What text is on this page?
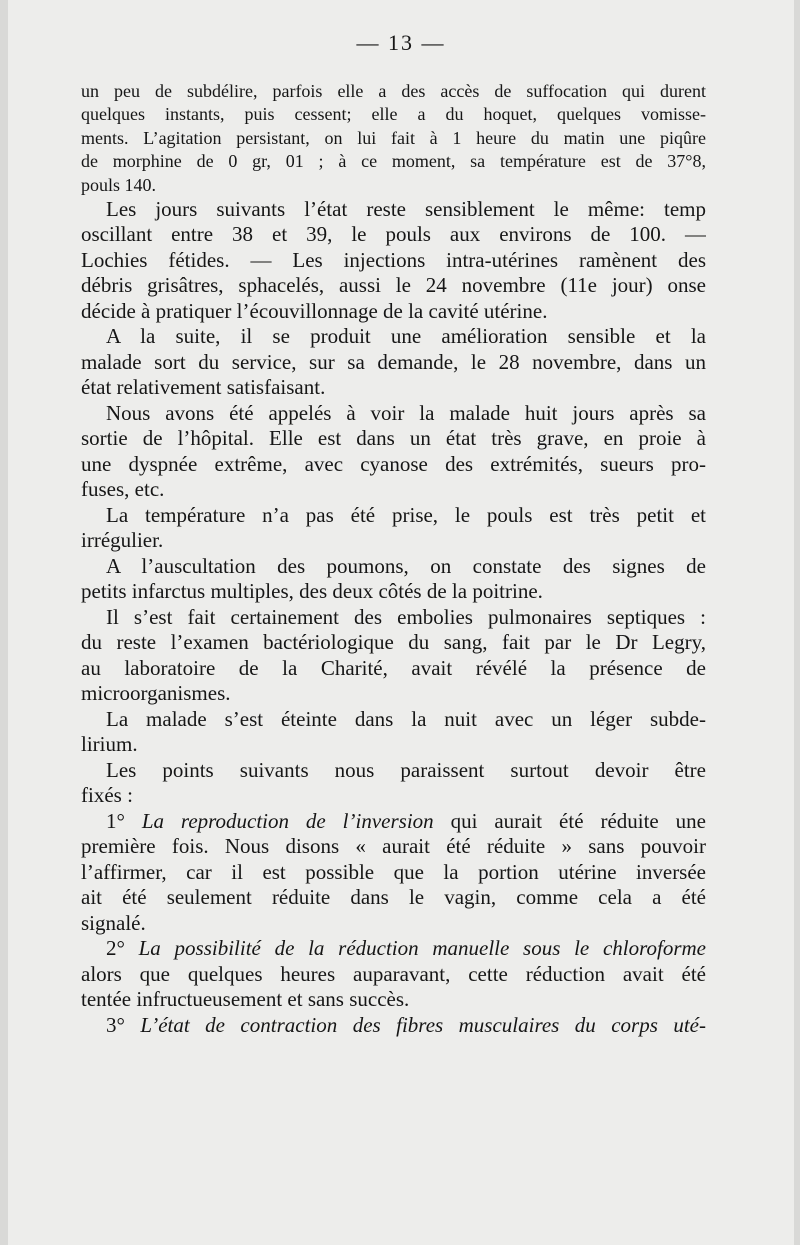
— 13 —
un peu de subdélire, parfois elle a des accès de suffocation qui durent
quelques instants, puis cessent; elle a du hoquet, quelques vomisse-
ments. L’agitation persistant, on lui fait à 1 heure du matin une piqûre
de morphine de 0 gr, 01 ; à ce moment, sa température est de 37°8,
pouls 140.
Les jours suivants l’état reste sensiblement le même: temp
oscillant entre 38 et 39, le pouls aux environs de 100. —
Lochies fétides. — Les injections intra-utérines ramènent des
débris grisâtres, sphacelés, aussi le 24 novembre (11e jour) onse
décide à pratiquer l’écouvillonnage de la cavité utérine.
A la suite, il se produit une amélioration sensible et la
malade sort du service, sur sa demande, le 28 novembre, dans un
état relativement satisfaisant.
Nous avons été appelés à voir la malade huit jours après sa
sortie de l’hôpital. Elle est dans un état très grave, en proie à
une dyspnée extrême, avec cyanose des extrémités, sueurs pro-
fuses, etc.
La température n’a pas été prise, le pouls est très petit et
irrégulier.
A l’auscultation des poumons, on constate des signes de
petits infarctus multiples, des deux côtés de la poitrine.
Il s’est fait certainement des embolies pulmonaires septiques :
du reste l’examen bactériologique du sang, fait par le Dr Legry,
au laboratoire de la Charité, avait révélé la présence de
microorganismes.
La malade s’est éteinte dans la nuit avec un léger subde-
lirium.
Les points suivants nous paraissent surtout devoir être
fixés :
1° La reproduction de l’inversion qui aurait été réduite une
première fois. Nous disons « aurait été réduite » sans pouvoir
l’affirmer, car il est possible que la portion utérine inversée
ait été seulement réduite dans le vagin, comme cela a été
signalé.
2° La possibilité de la réduction manuelle sous le chloroforme
alors que quelques heures auparavant, cette réduction avait été
tentée infructueusement et sans succès.
3° L’état de contraction des fibres musculaires du corps uté-
